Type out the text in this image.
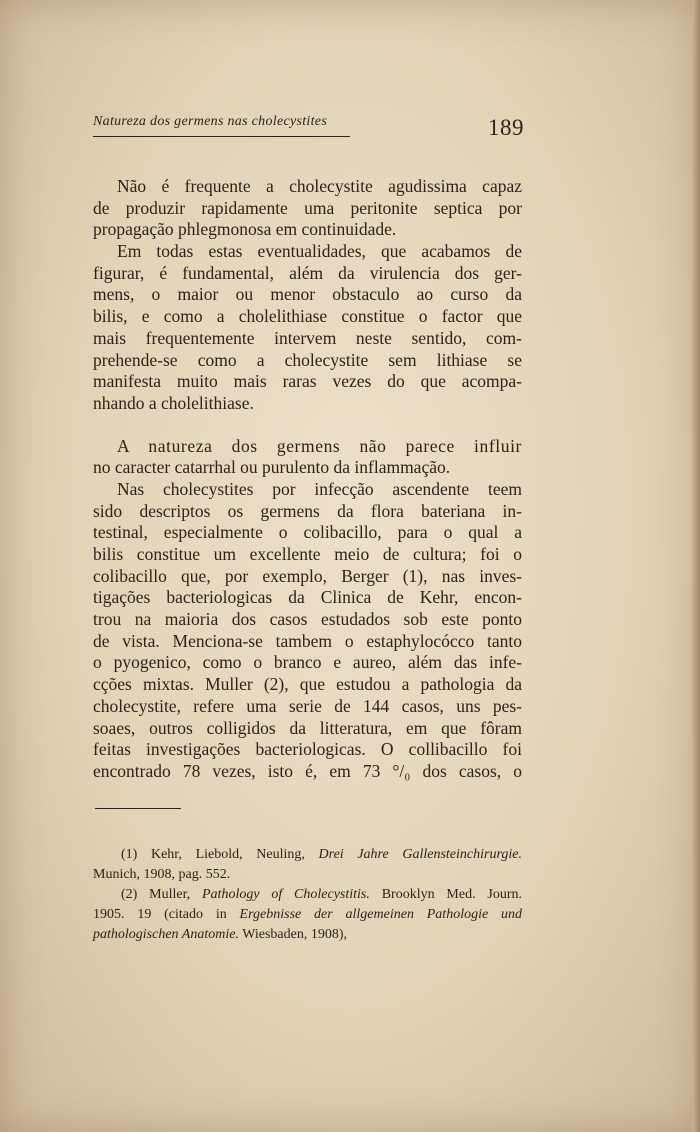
Natureza dos germens nas cholecystites	189
Não é frequente a cholecystite agudissima capaz
de produzir rapidamente uma peritonite septica por
propagação phlegmonosa em continuidade.
Em todas estas eventualidades, que acabamos de
figurar, é fundamental, além da virulencia dos ger-
mens, o maior ou menor obstaculo ao curso da
bilis, e como a cholelithiase constitue o factor que
mais frequentemente intervem neste sentido, com-
prehende-se como a cholecystite sem lithiase se
manifesta muito mais raras vezes do que acompa-
nhando a cholelithiase.
A natureza dos germens não parece influir
no caracter catarrhal ou purulento da inflammação.
Nas cholecystites por infecção ascendente teem
sido descriptos os germens da flora bateriana in-
testinal, especialmente o colibacillo, para o qual a
bilis constitue um excellente meio de cultura; foi o
colibacillo que, por exemplo, Berger (1), nas inves-
tigações bacteriologicas da Clinica de Kehr, encon-
trou na maioria dos casos estudados sob este ponto
de vista. Menciona-se tambem o estaphylocócco tanto
o pyogenico, como o branco e aureo, além das infe-
cções mixtas. Muller (2), que estudou a pathologia da
cholecystite, refere uma serie de 144 casos, uns pes-
soaes, outros colligidos da litteratura, em que fôram
feitas investigações bacteriologicas. O collibacillo foi
encontrado 78 vezes, isto é, em 73 °/₀ dos casos, o
(1) Kehr, Liebold, Neuling, Drei Jahre Gallensteinchirurgie.
Munich, 1908, pag. 552.
(2) Muller, Pathology of Cholecystitis. Brooklyn Med. Journ.
1905. 19 (citado in Ergebnisse der allgemeinen Pathologie und
pathologischen Anatomie. Wiesbaden, 1908),
